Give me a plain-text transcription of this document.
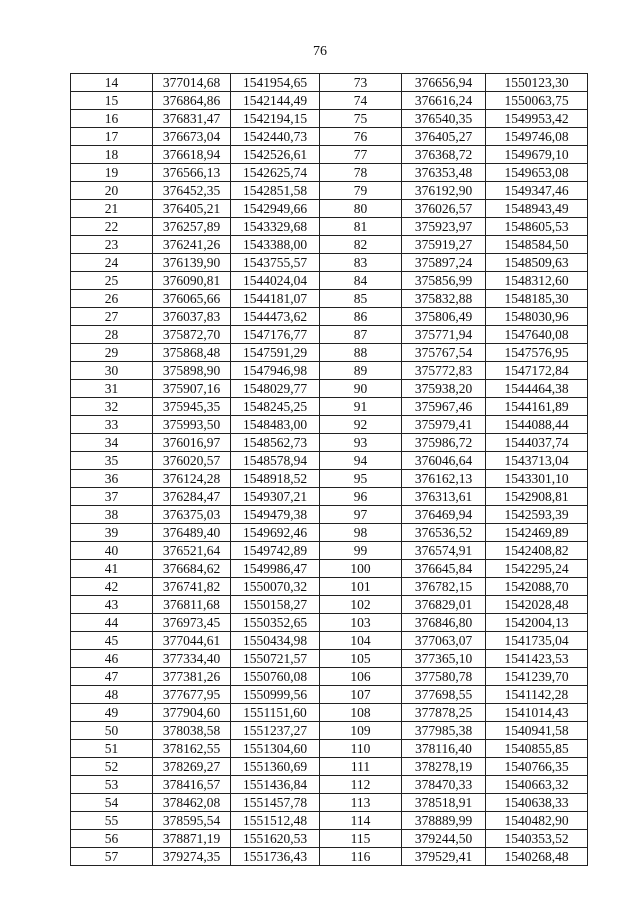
76
14	377014,68	1541954,65	73	376656,94	1550123,30
15	376864,86	1542144,49	74	376616,24	1550063,75
16	376831,47	1542194,15	75	376540,35	1549953,42
17	376673,04	1542440,73	76	376405,27	1549746,08
18	376618,94	1542526,61	77	376368,72	1549679,10
19	376566,13	1542625,74	78	376353,48	1549653,08
20	376452,35	1542851,58	79	376192,90	1549347,46
21	376405,21	1542949,66	80	376026,57	1548943,49
22	376257,89	1543329,68	81	375923,97	1548605,53
23	376241,26	1543388,00	82	375919,27	1548584,50
24	376139,90	1543755,57	83	375897,24	1548509,63
25	376090,81	1544024,04	84	375856,99	1548312,60
26	376065,66	1544181,07	85	375832,88	1548185,30
27	376037,83	1544473,62	86	375806,49	1548030,96
28	375872,70	1547176,77	87	375771,94	1547640,08
29	375868,48	1547591,29	88	375767,54	1547576,95
30	375898,90	1547946,98	89	375772,83	1547172,84
31	375907,16	1548029,77	90	375938,20	1544464,38
32	375945,35	1548245,25	91	375967,46	1544161,89
33	375993,50	1548483,00	92	375979,41	1544088,44
34	376016,97	1548562,73	93	375986,72	1544037,74
35	376020,57	1548578,94	94	376046,64	1543713,04
36	376124,28	1548918,52	95	376162,13	1543301,10
37	376284,47	1549307,21	96	376313,61	1542908,81
38	376375,03	1549479,38	97	376469,94	1542593,39
39	376489,40	1549692,46	98	376536,52	1542469,89
40	376521,64	1549742,89	99	376574,91	1542408,82
41	376684,62	1549986,47	100	376645,84	1542295,24
42	376741,82	1550070,32	101	376782,15	1542088,70
43	376811,68	1550158,27	102	376829,01	1542028,48
44	376973,45	1550352,65	103	376846,80	1542004,13
45	377044,61	1550434,98	104	377063,07	1541735,04
46	377334,40	1550721,57	105	377365,10	1541423,53
47	377381,26	1550760,08	106	377580,78	1541239,70
48	377677,95	1550999,56	107	377698,55	1541142,28
49	377904,60	1551151,60	108	377878,25	1541014,43
50	378038,58	1551237,27	109	377985,38	1540941,58
51	378162,55	1551304,60	110	378116,40	1540855,85
52	378269,27	1551360,69	111	378278,19	1540766,35
53	378416,57	1551436,84	112	378470,33	1540663,32
54	378462,08	1551457,78	113	378518,91	1540638,33
55	378595,54	1551512,48	114	378889,99	1540482,90
56	378871,19	1551620,53	115	379244,50	1540353,52
57	379274,35	1551736,43	116	379529,41	1540268,48
